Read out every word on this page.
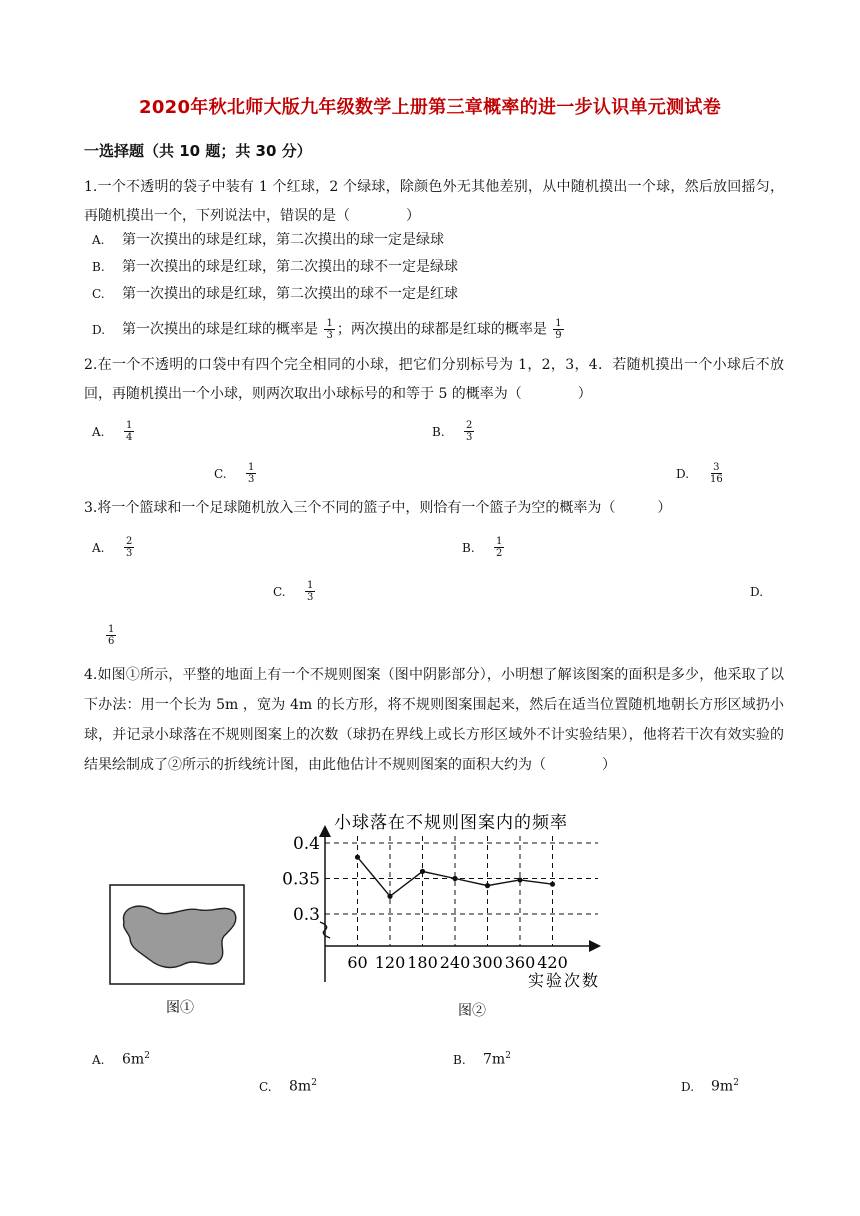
2020年秋北师大版九年级数学上册第三章概率的进一步认识单元测试卷
一选择题（共 10 题；共 30 分）
1.一个不透明的袋子中装有 1 个红球，2 个绿球，除颜色外无其他差别，从中随机摸出一个球，然后放回摇匀，再随机摸出一个，下列说法中，错误的是（　　　　）
A. 第一次摸出的球是红球，第二次摸出的球一定是绿球
B. 第一次摸出的球是红球，第二次摸出的球不一定是绿球
C. 第一次摸出的球是红球，第二次摸出的球不一定是红球
D. 第一次摸出的球是红球的概率是 $\frac{1}{3}$ ；两次摸出的球都是红球的概率是 $\frac{1}{9}$
2.在一个不透明的口袋中有四个完全相同的小球，把它们分别标号为 1，2，3，4．若随机摸出一个小球后不放回，再随机摸出一个小球，则两次取出小球标号的和等于 5 的概率为（　　　　）
A. $\frac{1}{4}$	B. $\frac{2}{3}$
C. $\frac{1}{3}$	D. $\frac{3}{16}$
3.将一个篮球和一个足球随机放入三个不同的篮子中，则恰有一个篮子为空的概率为（　　　）
A. $\frac{2}{3}$	B. $\frac{1}{2}$
C. $\frac{1}{3}$	D.
$\frac{1}{6}$
4.如图①所示，平整的地面上有一个不规则图案（图中阴影部分），小明想了解该图案的面积是多少，他采取了以下办法：用一个长为 5m ，宽为 4m 的长方形，将不规则图案围起来，然后在适当位置随机地朝长方形区域扔小球，并记录小球落在不规则图案上的次数（球扔在界线上或长方形区域外不计实验结果），他将若干次有效实验的结果绘制成了②所示的折线统计图，由此他估计不规则图案的面积大约为（　　　　）
图①
小球落在不规则图案内的频率
0.3
0.35
0.4
60 120 180 240 300 360 420
实验次数
图②
A. $6m^2$	B. $7m^2$
C. $8m^2$	D. $9m^2$
